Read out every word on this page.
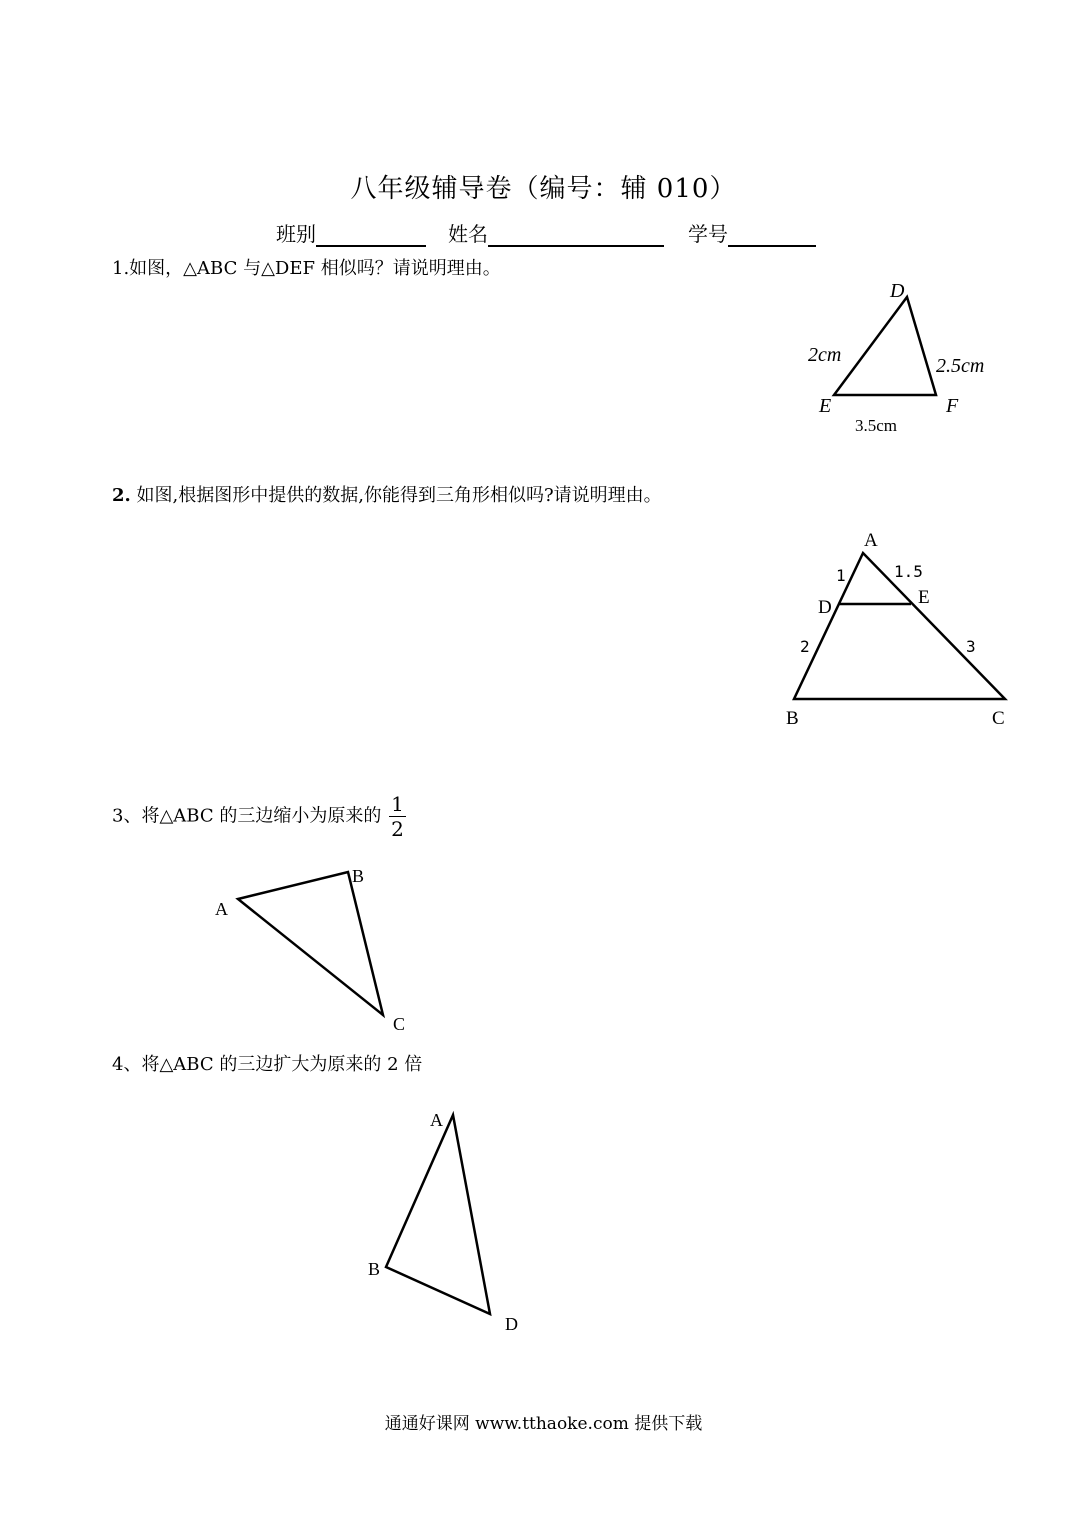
八年级辅导卷（编号：辅 010）
班别	姓名	学号
1.如图，△ABC 与△DEF 相似吗？请说明理由。
2. 如图,根据图形中提供的数据,你能得到三角形相似吗?请说明理由。
3、将△ABC 的三边缩小为原来的 $\frac{1}{2}$
4、将△ABC 的三边扩大为原来的 2 倍
通通好课网 www.tthaoke.com 提供下载
D
E	F
2cm	2.5cm
3.5cm
A
D	E
B	C
1	1.5
2	3
A
B
C
A
B
D
